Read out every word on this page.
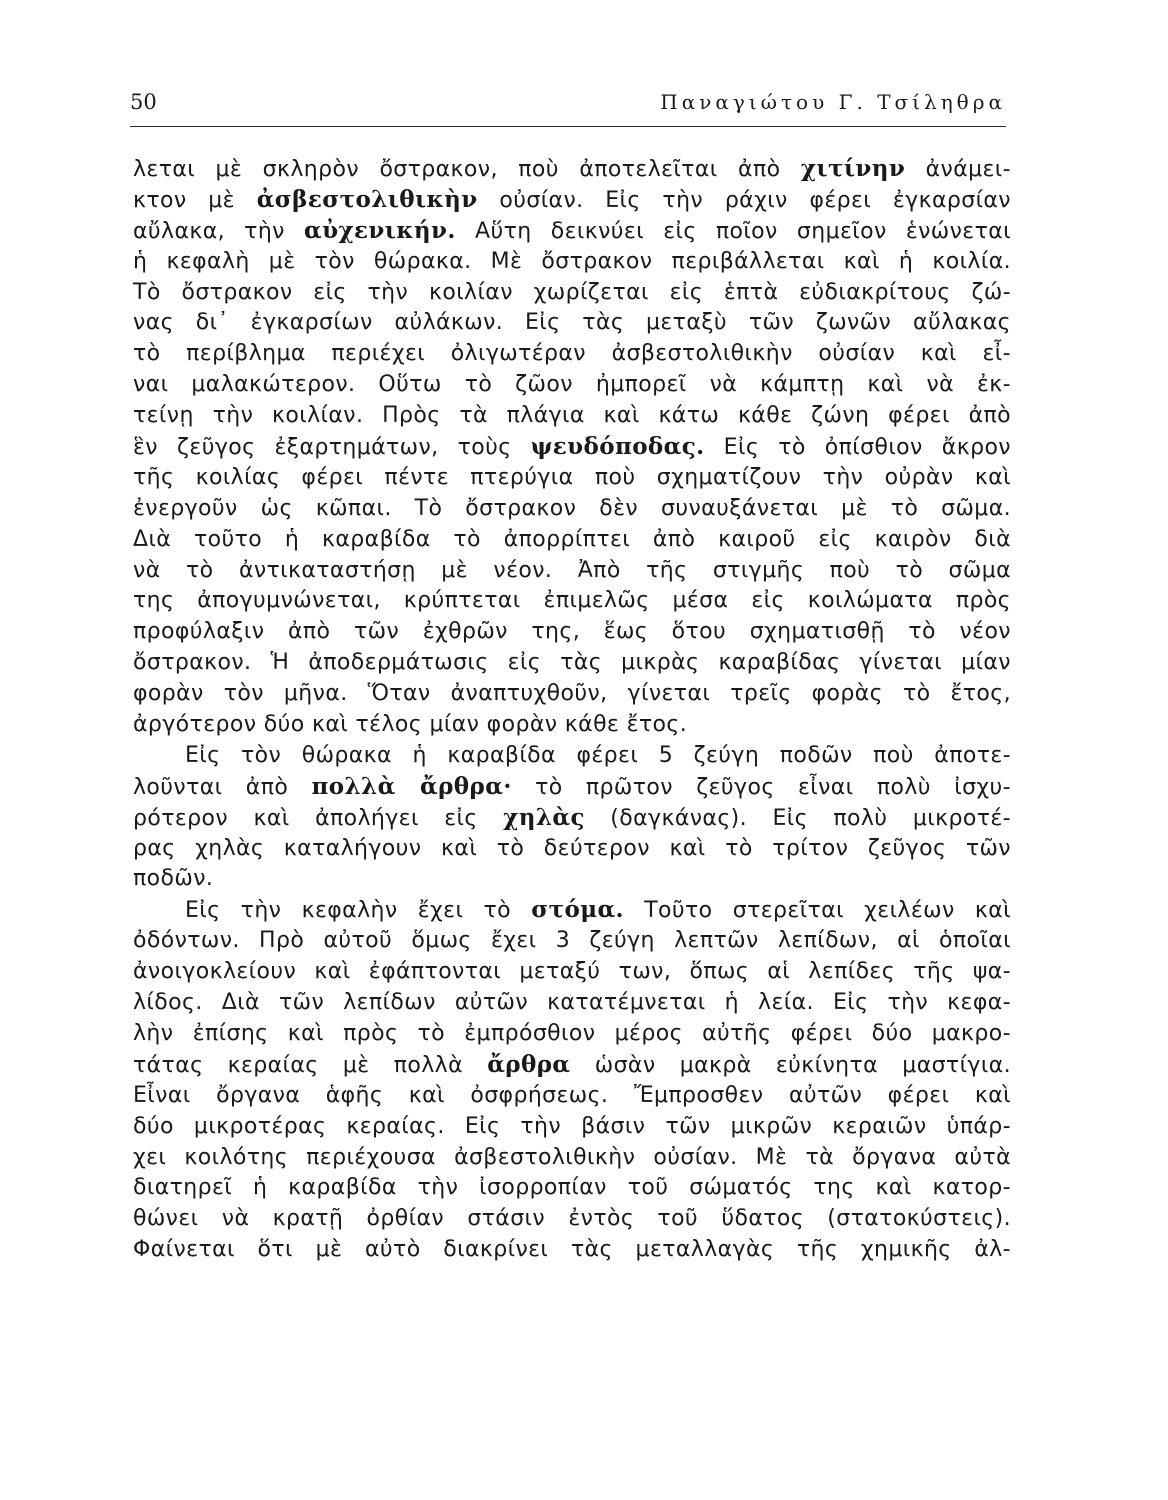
50	Παναγιώτου Γ. Τσίληθρα
λεται μὲ σκληρὸν ὄστρακον, ποὺ ἀποτελεῖται ἀπὸ χιτίνην ἀνάμει-
κτον μὲ ἀσβεστολιθικὴν οὐσίαν. Εἰς τὴν ράχιν φέρει ἐγκαρσίαν
αὔλακα, τὴν αὐχενικήν. Αὕτη δεικνύει εἰς ποῖον σημεῖον ἑνώνεται
ἡ κεφαλὴ μὲ τὸν θώρακα. Μὲ ὄστρακον περιβάλλεται καὶ ἡ κοιλία.
Τὸ ὄστρακον εἰς τὴν κοιλίαν χωρίζεται εἰς ἑπτὰ εὐδιακρίτους ζώ-
νας δι᾽ ἐγκαρσίων αὐλάκων. Εἰς τὰς μεταξὺ τῶν ζωνῶν αὔλακας
τὸ περίβλημα περιέχει ὀλιγωτέραν ἀσβεστολιθικὴν οὐσίαν καὶ εἶ-
ναι μαλακώτερον. Οὕτω τὸ ζῶον ἠμπορεῖ νὰ κάμπτῃ καὶ νὰ ἐκ-
τείνῃ τὴν κοιλίαν. Πρὸς τὰ πλάγια καὶ κάτω κάθε ζώνη φέρει ἀπὸ
ἓν ζεῦγος ἐξαρτημάτων, τοὺς ψευδόποδας. Εἰς τὸ ὀπίσθιον ἄκρον
τῆς κοιλίας φέρει πέντε πτερύγια ποὺ σχηματίζουν τὴν οὐρὰν καὶ
ἐνεργοῦν ὡς κῶπαι. Τὸ ὄστρακον δὲν συναυξάνεται μὲ τὸ σῶμα.
Διὰ τοῦτο ἡ καραβίδα τὸ ἀπορρίπτει ἀπὸ καιροῦ εἰς καιρὸν διὰ
νὰ τὸ ἀντικαταστήσῃ μὲ νέον. Ἀπὸ τῆς στιγμῆς ποὺ τὸ σῶμα
της ἀπογυμνώνεται, κρύπτεται ἐπιμελῶς μέσα εἰς κοιλώματα πρὸς
προφύλαξιν ἀπὸ τῶν ἐχθρῶν της, ἕως ὅτου σχηματισθῇ τὸ νέον
ὄστρακον. Ἡ ἀποδερμάτωσις εἰς τὰς μικρὰς καραβίδας γίνεται μίαν
φορὰν τὸν μῆνα. Ὅταν ἀναπτυχθοῦν, γίνεται τρεῖς φορὰς τὸ ἔτος,
ἀργότερον δύο καὶ τέλος μίαν φορὰν κάθε ἔτος.
Εἰς τὸν θώρακα ἡ καραβίδα φέρει 5 ζεύγη ποδῶν ποὺ ἀποτε-
λοῦνται ἀπὸ πολλὰ ἄρθρα· τὸ πρῶτον ζεῦγος εἶναι πολὺ ἰσχυ-
ρότερον καὶ ἀπολήγει εἰς χηλὰς (δαγκάνας). Εἰς πολὺ μικροτέ-
ρας χηλὰς καταλήγουν καὶ τὸ δεύτερον καὶ τὸ τρίτον ζεῦγος τῶν
ποδῶν.
Εἰς τὴν κεφαλὴν ἔχει τὸ στόμα. Τοῦτο στερεῖται χειλέων καὶ
ὀδόντων. Πρὸ αὐτοῦ ὅμως ἔχει 3 ζεύγη λεπτῶν λεπίδων, αἱ ὁποῖαι
ἀνοιγοκλείουν καὶ ἐφάπτονται μεταξύ των, ὅπως αἱ λεπίδες τῆς ψα-
λίδος. Διὰ τῶν λεπίδων αὐτῶν κατατέμνεται ἡ λεία. Εἰς τὴν κεφα-
λὴν ἐπίσης καὶ πρὸς τὸ ἐμπρόσθιον μέρος αὐτῆς φέρει δύο μακρο-
τάτας κεραίας μὲ πολλὰ ἄρθρα ὡσὰν μακρὰ εὐκίνητα μαστίγια.
Εἶναι ὄργανα ἁφῆς καὶ ὀσφρήσεως. Ἔμπροσθεν αὐτῶν φέρει καὶ
δύο μικροτέρας κεραίας. Εἰς τὴν βάσιν τῶν μικρῶν κεραιῶν ὑπάρ-
χει κοιλότης περιέχουσα ἀσβεστολιθικὴν οὐσίαν. Μὲ τὰ ὄργανα αὐτὰ
διατηρεῖ ἡ καραβίδα τὴν ἰσορροπίαν τοῦ σώματός της καὶ κατορ-
θώνει νὰ κρατῇ ὀρθίαν στάσιν ἐντὸς τοῦ ὕδατος (στατοκύστεις).
Φαίνεται ὅτι μὲ αὐτὸ διακρίνει τὰς μεταλλαγὰς τῆς χημικῆς ἀλ-
